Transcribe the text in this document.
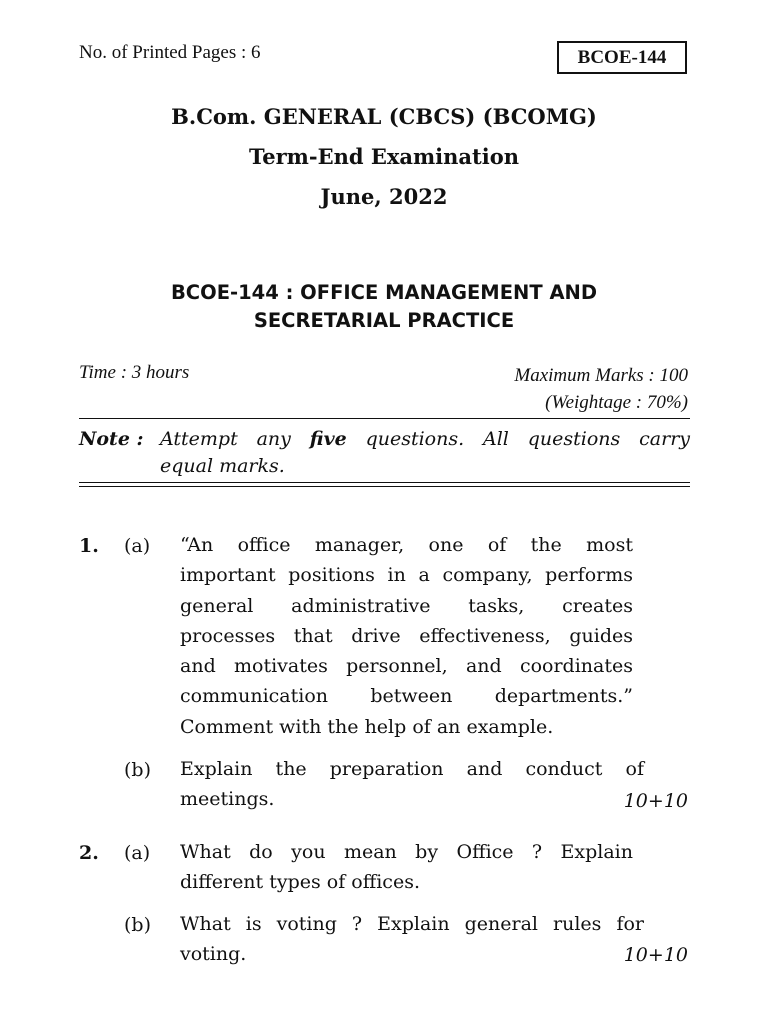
No. of Printed Pages : 6	BCOE-144
B.Com. GENERAL (CBCS) (BCOMG)
Term-End Examination
June, 2022
BCOE-144 : OFFICE MANAGEMENT AND
SECRETARIAL PRACTICE
Time : 3 hours	Maximum Marks : 100
(Weightage : 70%)
Note : Attempt any five questions. All questions carry
equal marks.
1. (a) “An office manager, one of the most
important positions in a company, performs
general administrative tasks, creates
processes that drive effectiveness, guides
and motivates personnel, and coordinates
communication between departments.”
Comment with the help of an example.
(b) Explain the preparation and conduct of
meetings.	10+10
2. (a) What do you mean by Office ? Explain
different types of offices.
(b) What is voting ? Explain general rules for
voting.	10+10
